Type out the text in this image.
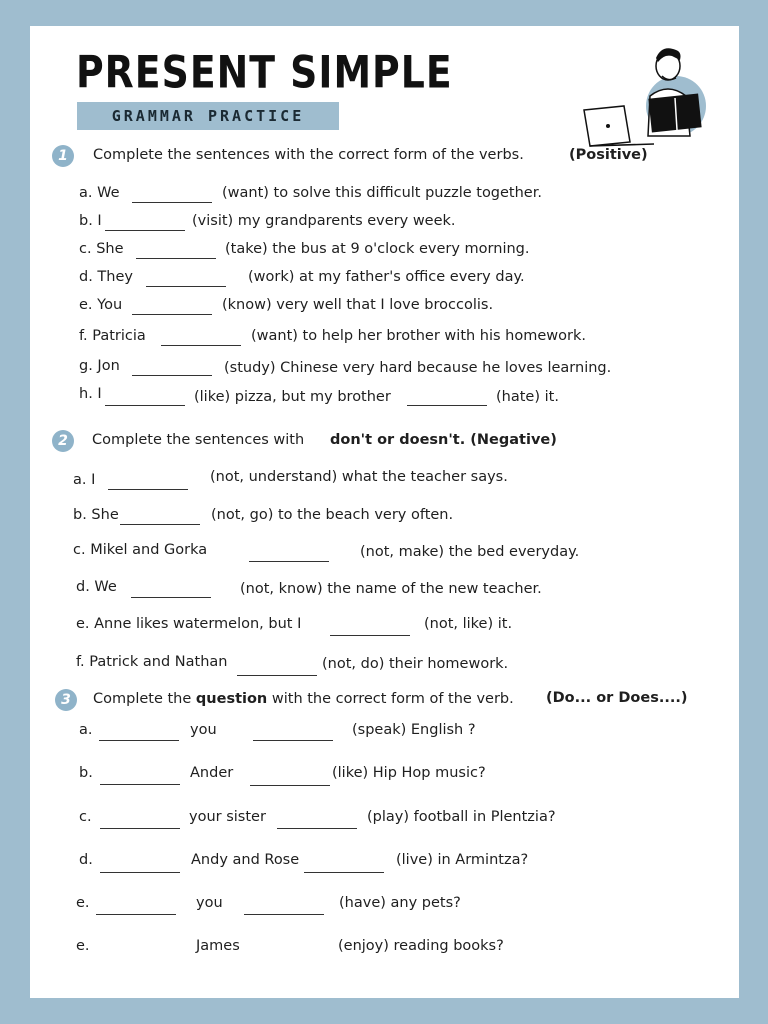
PRESENT SIMPLE
GRAMMAR PRACTICE
1	Complete the sentences with the correct form of the verbs.	(Positive)
a. We	(want) to solve this difficult puzzle together.
b. I	(visit) my grandparents every week.
c. She	(take) the bus at 9 o'clock every morning.
d. They	(work) at my father's office every day.
e. You	(know) very well that I love broccolis.
f. Patricia	(want) to help her brother with his homework.
g. Jon	(study) Chinese very hard because he loves learning.
h. I	(like) pizza, but my brother	(hate) it.
2	Complete the sentences with don't or doesn't. (Negative)
a. I	(not, understand) what the teacher says.
b. She	(not, go) to the beach very often.
c. Mikel and Gorka	(not, make) the bed everyday.
d. We	(not, know) the name of the new teacher.
e. Anne likes watermelon, but I	(not, like) it.
f. Patrick and Nathan	(not, do) their homework.
3	Complete the question with the correct form of the verb. (Do... or Does....)
a.	you	(speak) English ?
b.	Ander	(like) Hip Hop music?
c.	your sister	(play) football in Plentzia?
d.	Andy and Rose	(live) in Armintza?
e.	you	(have) any pets?
e.	James	(enjoy) reading books?
